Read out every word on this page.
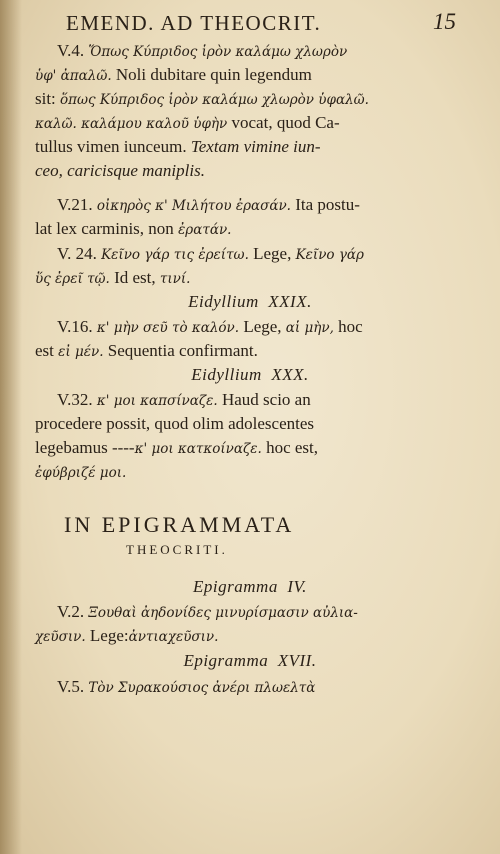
EMEND. AD THEOCRIT.	15
V.4. Ὅπως Κύπριδος ἱρὸν καλάμω χλωρὸν
ὑφ' ἀπαλῶ. Noli dubitare quin legendum
sit: ὅπως Κύπριδος ἱρὸν καλάμω χλωρὸν ὑφαλῶ.
καλῶ. καλάμου καλοῦ ὑφὴν vocat, quod Ca-
tullus vimen iunceum. Textam vimine iun-
ceo, caricisque maniplis.
V.21. οἰκηρὸς κ' Μιλήτου ἐρασάν. Ita postu-
lat lex carminis, non ἐρατάν.
V. 24. Κεῖνο γάρ τις ἐρείτω. Lege, Κεῖνο γάρ
ὕς ἐρεῖ τῷ. Id est, τινί.
Eidyllium XXIX.
V.16. κ' μὴν σεῦ τὸ καλόν. Lege, αἱ μὴν, hoc
est εἰ μέν. Sequentia confirmant.
Eidyllium XXX.
V.32. κ' μοι καπσίναζε. Haud scio an
procedere possit, quod olim adolescentes
legebamus ----κ' μοι κατκοίναζε. hoc est,
ἐφύβριζέ μοι.
IN EPIGRAMMATA
THEOCRITI.
Epigramma IV.
V.2. Ξουθαὶ ἀηδονίδες μινυρίσμασιν αὐλια-
χεῦσιν. Lege:ἀντιαχεῦσιν.
Epigramma XVII.
V.5. Τὸν Συρακούσιος ἀνέρι πλωελτὰ
